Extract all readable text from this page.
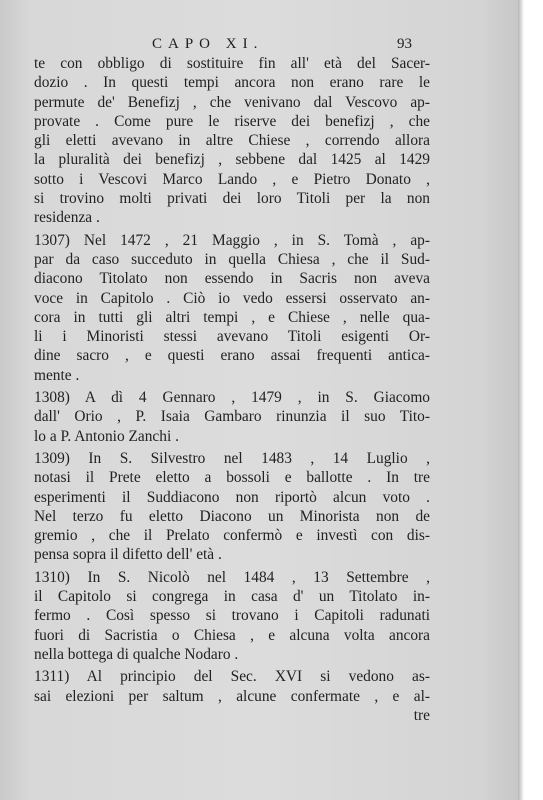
CAPO XI.	93
te con obbligo di sostituire fin all' età del Sacer-
dozio . In questi tempi ancora non erano rare le
permute de' Benefizj , che venivano dal Vescovo ap-
provate . Come pure le riserve dei benefizj , che
gli eletti avevano in altre Chiese , correndo allora
la pluralità dei benefizj , sebbene dal 1425 al 1429
sotto i Vescovi Marco Lando , e Pietro Donato ,
si trovino molti privati dei loro Titoli per la non
residenza .
1307) Nel 1472 , 21 Maggio , in S. Tomà , ap-
par da caso succeduto in quella Chiesa , che il Sud-
diacono Titolato non essendo in Sacris non aveva
voce in Capitolo . Ciò io vedo essersi osservato an-
cora in tutti gli altri tempi , e Chiese , nelle qua-
li i Minoristi stessi avevano Titoli esigenti Or-
dine sacro , e questi erano assai frequenti antica-
mente .
1308) A dì 4 Gennaro , 1479 , in S. Giacomo
dall' Orio , P. Isaia Gambaro rinunzia il suo Tito-
lo a P. Antonio Zanchi .
1309) In S. Silvestro nel 1483 , 14 Luglio ,
notasi il Prete eletto a bossoli e ballotte . In tre
esperimenti il Suddiacono non riportò alcun voto .
Nel terzo fu eletto Diacono un Minorista non de
gremio , che il Prelato confermò e investì con dis-
pensa sopra il difetto dell' età .
1310) In S. Nicolò nel 1484 , 13 Settembre ,
il Capitolo si congrega in casa d' un Titolato in-
fermo . Così spesso si trovano i Capitoli radunati
fuori di Sacristia o Chiesa , e alcuna volta ancora
nella bottega di qualche Nodaro .
1311) Al principio del Sec. XVI si vedono as-
sai elezioni per saltum , alcune confermate , e al-
tre
